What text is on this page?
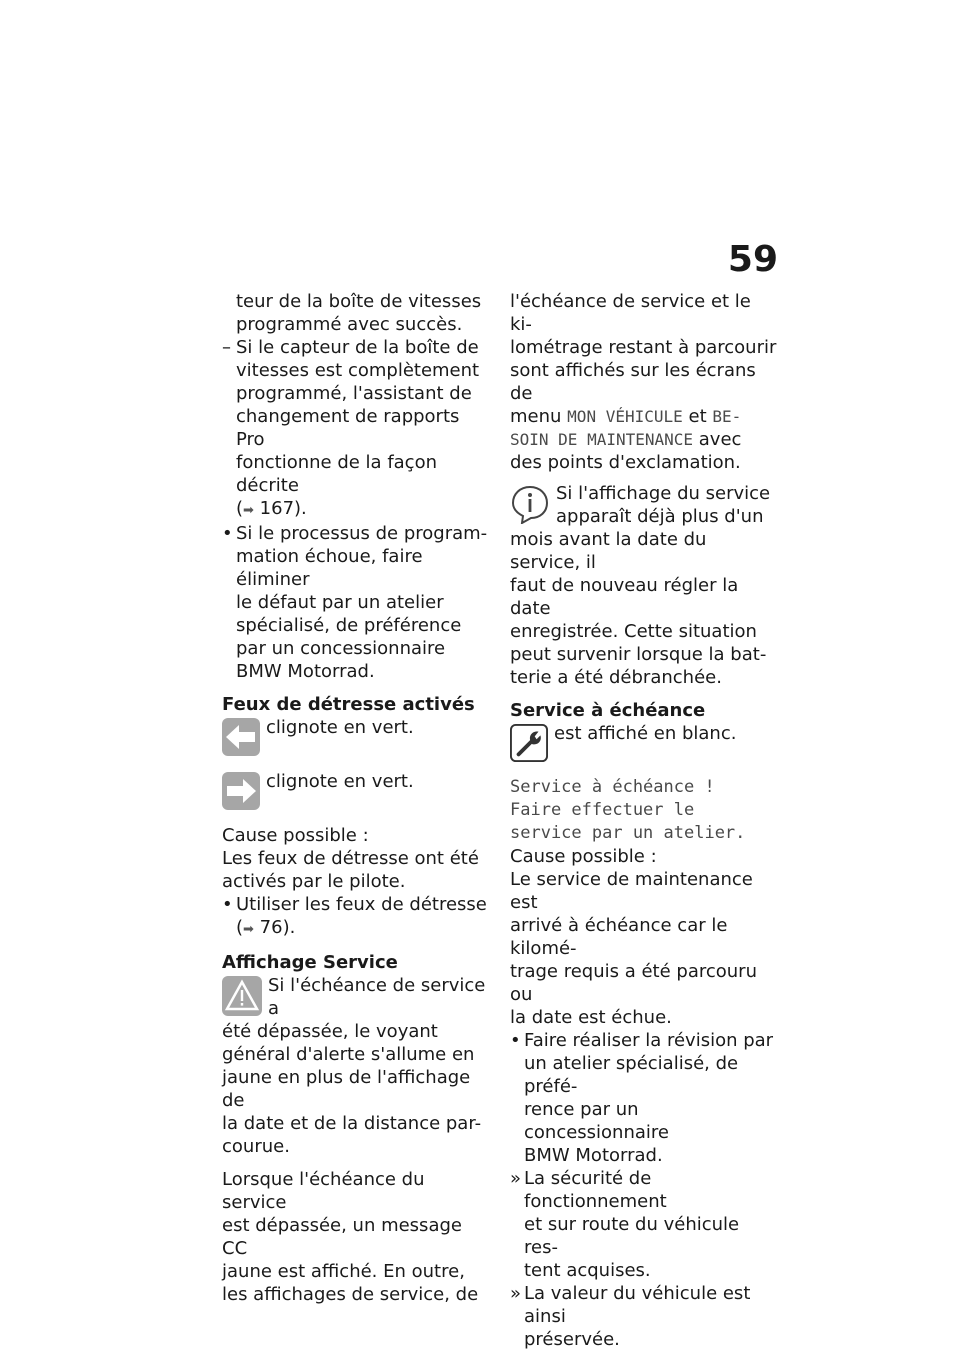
59

teur de la boîte de vitesses
programmé avec succès.

– Si le capteur de la boîte de
vitesses est complètement
programmé, l'assistant de
changement de rapports Pro
fonctionne de la façon décrite
(➡ 167).
• Si le processus de program-
mation échoue, faire éliminer
le défaut par un atelier
spécialisé, de préférence
par un concessionnaire
BMW Motorrad.

Feux de détresse activés

clignote en vert.
clignote en vert.

Cause possible :

Les feux de détresse ont été
activés par le pilote.

• Utiliser les feux de détresse
(➡ 76).

Affichage Service

Si l'échéance de service a
été dépassée, le voyant
général d'alerte s'allume en
jaune en plus de l'affichage de
la date et de la distance par-
courue.

Lorsque l'échéance du service
est dépassée, un message CC
jaune est affiché. En outre,
les affichages de service, de

l'échéance de service et le ki-
lométrage restant à parcourir
sont affichés sur les écrans de
menu MON VÉHICULE et BE-
SOIN DE MAINTENANCE avec
des points d'exclamation.

Si l'affichage du service
apparaît déjà plus d'un
mois avant la date du service, il
faut de nouveau régler la date
enregistrée. Cette situation
peut survenir lorsque la bat-
terie a été débranchée.

Service à échéance

est affiché en blanc.

Service à échéance !
Faire effectuer le
service par un atelier.

Cause possible :

Le service de maintenance est
arrivé à échéance car le kilomé-
trage requis a été parcouru ou
la date est échue.

• Faire réaliser la révision par
un atelier spécialisé, de préfé-
rence par un concessionnaire
BMW Motorrad.
» La sécurité de fonctionnement
et sur route du véhicule res-
tent acquises.
» La valeur du véhicule est ainsi
préservée.
